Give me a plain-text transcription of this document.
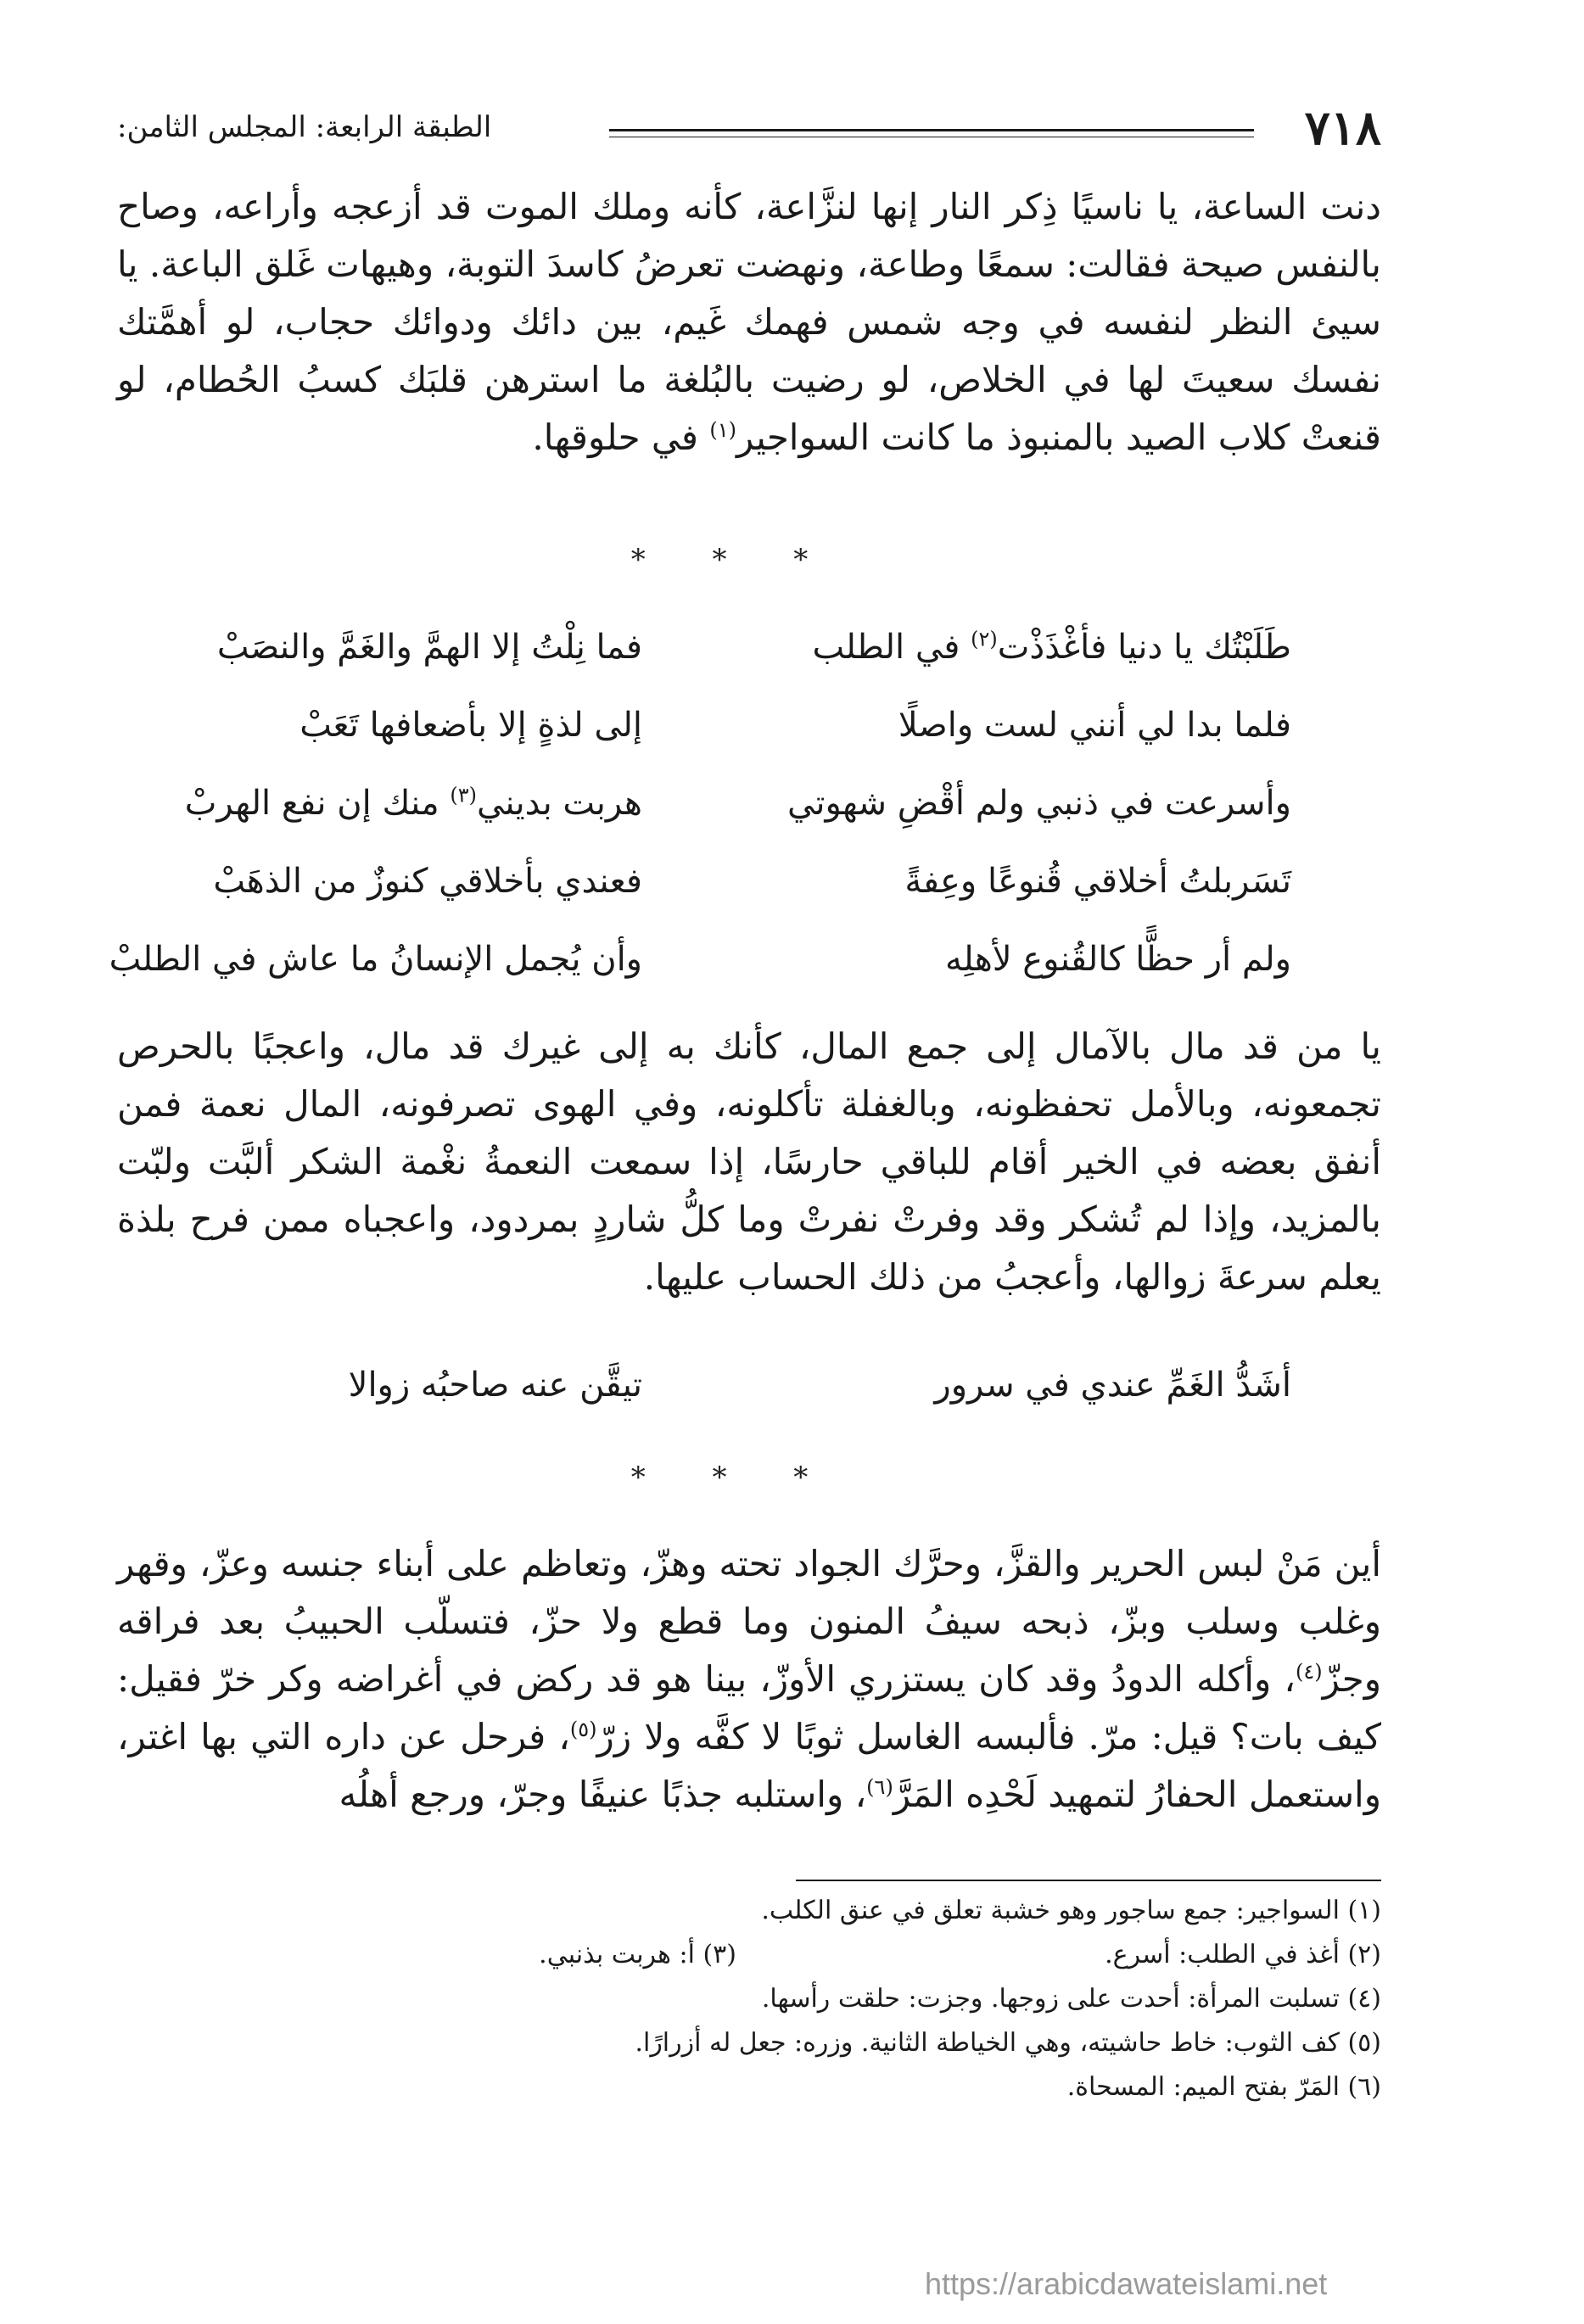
٧١٨
الطبقة الرابعة: المجلس الثامن:

دنت الساعة، يا ناسيًا ذِكر النار إنها لنزَّاعة، كأنه وملك الموت قد أزعجه وأراعه، وصاح بالنفس صيحة فقالت: سمعًا وطاعة، ونهضت تعرضُ كاسدَ التوبة، وهيهات غَلق الباعة. يا سيئ النظر لنفسه في وجه شمس فهمك غَيم، بين دائك ودوائك حجاب، لو أهمَّتك نفسك سعيتَ لها في الخلاص، لو رضيت بالبُلغة ما استرهن قلبَك كسبُ الحُطام، لو قنعتْ كلاب الصيد بالمنبوذ ما كانت السواجير$^{(١)}$ في حلوقها.

* * *
طَلَبْتُك يا دنيا فأغْذَذْت$^{(٢)}$ في الطلب
فما نِلْتُ إلا الهمَّ والغَمَّ والنصَبْ
فلما بدا لي أنني لست واصلًا
إلى لذةٍ إلا بأضعافها تَعَبْ
وأسرعت في ذنبي ولم أقْضِ شهوتي
هربت بديني$^{(٣)}$ منك إن نفع الهربْ
تَسَربلتُ أخلاقي قُنوعًا وعِفةً
فعندي بأخلاقي كنوزٌ من الذهَبْ
ولم أر حظًّا كالقُنوع لأهلِه
وأن يُجمل الإنسانُ ما عاش في الطلبْ

يا من قد مال بالآمال إلى جمع المال، كأنك به إلى غيرك قد مال، واعجبًا بالحرص تجمعونه، وبالأمل تحفظونه، وبالغفلة تأكلونه، وفي الهوى تصرفونه، المال نعمة فمن أنفق بعضه في الخير أقام للباقي حارسًا، إذا سمعت النعمةُ نغْمة الشكر ألبَّت ولبّت بالمزيد، وإذا لم تُشكر وقد وفرتْ نفرتْ وما كلُّ شاردٍ بمردود، واعجباه ممن فرح بلذة يعلم سرعةَ زوالها، وأعجبُ من ذلك الحساب عليها.

أشَدُّ الغَمِّ عندي في سرور
تيقَّن عنه صاحبُه زوالا
* * *

أين مَنْ لبس الحرير والقزَّ، وحرَّك الجواد تحته وهزّ، وتعاظم على أبناء جنسه وعزّ، وقهر وغلب وسلب وبزّ، ذبحه سيفُ المنون وما قطع ولا حزّ، فتسلّب الحبيبُ بعد فراقه وجزّ$^{(٤)}$، وأكله الدودُ وقد كان يستزري الأوزّ، بينا هو قد ركض في أغراضه وكر خرّ فقيل: كيف بات؟ قيل: مرّ. فألبسه الغاسل ثوبًا لا كفَّه ولا زرّ$^{(٥)}$، فرحل عن داره التي بها اغتر، واستعمل الحفارُ لتمهيد لَحْدِه المَرَّ$^{(٦)}$، واستلبه جذبًا عنيفًا وجرّ، ورجع أهلُه

(١) السواجير: جمع ساجور وهو خشبة تعلق في عنق الكلب.
(٢) أغذ في الطلب: أسرع.
(٣) أ: هربت بذنبي.
(٤) تسلبت المرأة: أحدت على زوجها. وجزت: حلقت رأسها.
(٥) كف الثوب: خاط حاشيته، وهي الخياطة الثانية. وزره: جعل له أزرارًا.
(٦) المَرّ بفتح الميم: المسحاة.
https://arabicdawateislami.net
